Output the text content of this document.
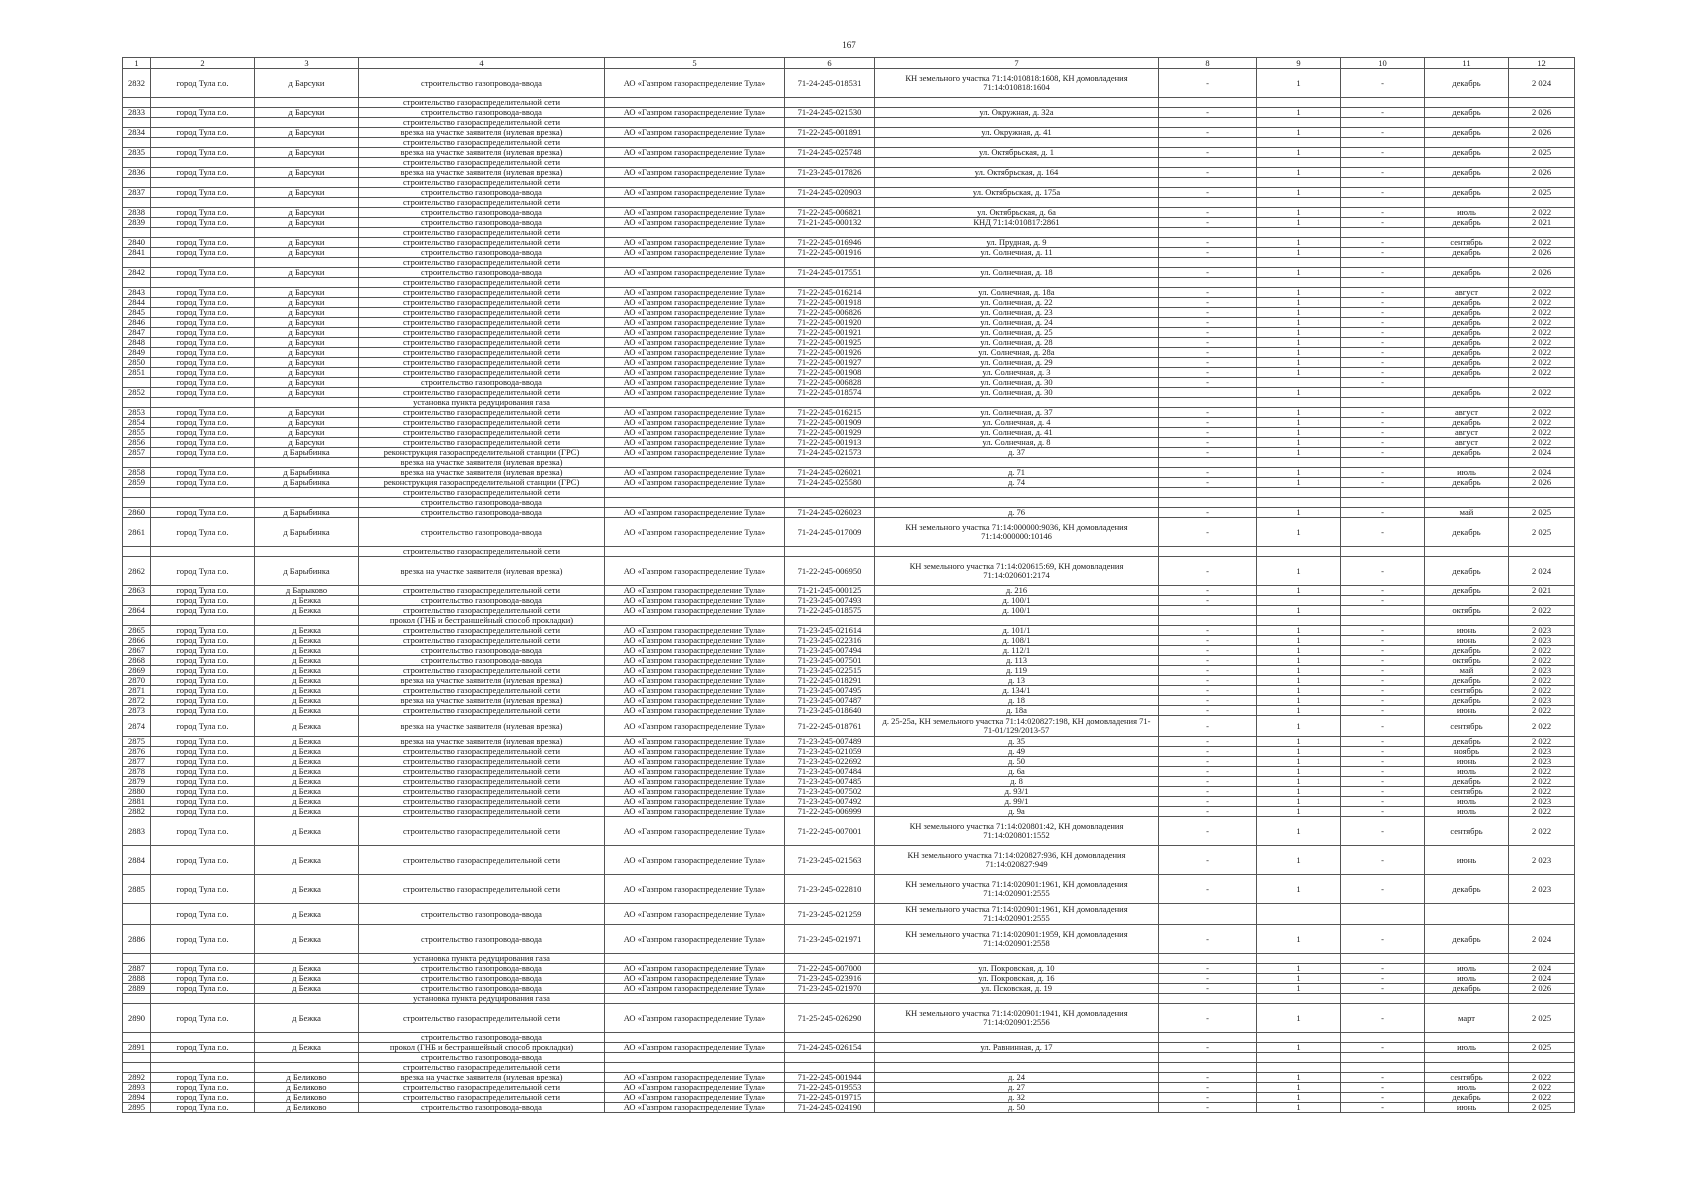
167
1	2	3	4	5	6	7	8	9	10	11	12
2832	город Тула г.о.	д Барсуки	строительство газопровода-ввода	АО «Газпром газораспределение Тула»	71-24-245-018531	КН земельного участка 71:14:010818:1608, КН домовладения 71:14:010818:1604	-	1	-	декабрь	2 024
			строительство газораспределительной сети								
2833	город Тула г.о.	д Барсуки	строительство газопровода-ввода	АО «Газпром газораспределение Тула»	71-24-245-021530	ул. Окружная, д. 32а	-	1	-	декабрь	2 026
			строительство газораспределительной сети								
2834	город Тула г.о.	д Барсуки	врезка на участке заявителя (нулевая врезка)	АО «Газпром газораспределение Тула»	71-22-245-001891	ул. Окружная, д. 41	-	1	-	декабрь	2 026
			строительство газораспределительной сети								
2835	город Тула г.о.	д Барсуки	врезка на участке заявителя (нулевая врезка)	АО «Газпром газораспределение Тула»	71-24-245-025748	ул. Октябрьская, д. 1	-	1	-	декабрь	2 025
			строительство газораспределительной сети								
2836	город Тула г.о.	д Барсуки	врезка на участке заявителя (нулевая врезка)	АО «Газпром газораспределение Тула»	71-23-245-017826	ул. Октябрьская, д. 164	-	1	-	декабрь	2 026
			строительство газораспределительной сети								
2837	город Тула г.о.	д Барсуки	строительство газопровода-ввода	АО «Газпром газораспределение Тула»	71-24-245-020903	ул. Октябрьская, д. 175а	-	1	-	декабрь	2 025
			строительство газораспределительной сети								
2838	город Тула г.о.	д Барсуки	строительство газопровода-ввода	АО «Газпром газораспределение Тула»	71-22-245-006821	ул. Октябрьская, д. 6а	-	1	-	июль	2 022
2839	город Тула г.о.	д Барсуки	строительство газопровода-ввода	АО «Газпром газораспределение Тула»	71-21-245-000132	КНД 71:14:010817:2861	-	1	-	декабрь	2 021
			строительство газораспределительной сети								
2840	город Тула г.о.	д Барсуки	строительство газораспределительной сети	АО «Газпром газораспределение Тула»	71-22-245-016946	ул. Прудная, д. 9	-	1	-	сентябрь	2 022
2841	город Тула г.о.	д Барсуки	строительство газопровода-ввода	АО «Газпром газораспределение Тула»	71-22-245-001916	ул. Солнечная, д. 11	-	1	-	декабрь	2 026
			строительство газораспределительной сети								
2842	город Тула г.о.	д Барсуки	строительство газопровода-ввода	АО «Газпром газораспределение Тула»	71-24-245-017551	ул. Солнечная, д. 18	-	1	-	декабрь	2 026
			строительство газораспределительной сети								
2843	город Тула г.о.	д Барсуки	строительство газораспределительной сети	АО «Газпром газораспределение Тула»	71-22-245-016214	ул. Солнечная, д. 18а	-	1	-	август	2 022
2844	город Тула г.о.	д Барсуки	строительство газораспределительной сети	АО «Газпром газораспределение Тула»	71-22-245-001918	ул. Солнечная, д. 22	-	1	-	декабрь	2 022
2845	город Тула г.о.	д Барсуки	строительство газораспределительной сети	АО «Газпром газораспределение Тула»	71-22-245-006826	ул. Солнечная, д. 23	-	1	-	декабрь	2 022
2846	город Тула г.о.	д Барсуки	строительство газораспределительной сети	АО «Газпром газораспределение Тула»	71-22-245-001920	ул. Солнечная, д. 24	-	1	-	декабрь	2 022
2847	город Тула г.о.	д Барсуки	строительство газораспределительной сети	АО «Газпром газораспределение Тула»	71-22-245-001921	ул. Солнечная, д. 25	-	1	-	декабрь	2 022
2848	город Тула г.о.	д Барсуки	строительство газораспределительной сети	АО «Газпром газораспределение Тула»	71-22-245-001925	ул. Солнечная, д. 28	-	1	-	декабрь	2 022
2849	город Тула г.о.	д Барсуки	строительство газораспределительной сети	АО «Газпром газораспределение Тула»	71-22-245-001926	ул. Солнечная, д. 28а	-	1	-	декабрь	2 022
2850	город Тула г.о.	д Барсуки	строительство газораспределительной сети	АО «Газпром газораспределение Тула»	71-22-245-001927	ул. Солнечная, д. 29	-	1	-	декабрь	2 022
2851	город Тула г.о.	д Барсуки	строительство газораспределительной сети	АО «Газпром газораспределение Тула»	71-22-245-001908	ул. Солнечная, д. 3	-	1	-	декабрь	2 022
	город Тула г.о.	д Барсуки	строительство газопровода-ввода	АО «Газпром газораспределение Тула»	71-22-245-006828	ул. Солнечная, д. 30	-		-		
2852	город Тула г.о.	д Барсуки	строительство газораспределительной сети	АО «Газпром газораспределение Тула»	71-22-245-018574	ул. Солнечная, д. 30		1		декабрь	2 022
			установка пункта редуцирования газа								
2853	город Тула г.о.	д Барсуки	строительство газораспределительной сети	АО «Газпром газораспределение Тула»	71-22-245-016215	ул. Солнечная, д. 37	-	1	-	август	2 022
2854	город Тула г.о.	д Барсуки	строительство газораспределительной сети	АО «Газпром газораспределение Тула»	71-22-245-001909	ул. Солнечная, д. 4	-	1	-	декабрь	2 022
2855	город Тула г.о.	д Барсуки	строительство газораспределительной сети	АО «Газпром газораспределение Тула»	71-22-245-001929	ул. Солнечная, д. 41	-	1	-	август	2 022
2856	город Тула г.о.	д Барсуки	строительство газораспределительной сети	АО «Газпром газораспределение Тула»	71-22-245-001913	ул. Солнечная, д. 8	-	1	-	август	2 022
2857	город Тула г.о.	д Барыбинка	реконструкция газораспределительной станции (ГРС)	АО «Газпром газораспределение Тула»	71-24-245-021573	д. 37	-	1	-	декабрь	2 024
			врезка на участке заявителя (нулевая врезка)								
2858	город Тула г.о.	д Барыбинка	врезка на участке заявителя (нулевая врезка)	АО «Газпром газораспределение Тула»	71-24-245-026021	д. 71	-	1	-	июль	2 024
2859	город Тула г.о.	д Барыбинка	реконструкция газораспределительной станции (ГРС)	АО «Газпром газораспределение Тула»	71-24-245-025580	д. 74	-	1	-	декабрь	2 026
			строительство газораспределительной сети								
			строительство газопровода-ввода								
2860	город Тула г.о.	д Барыбинка	строительство газопровода-ввода	АО «Газпром газораспределение Тула»	71-24-245-026023	д. 76	-	1	-	май	2 025
2861	город Тула г.о.	д Барыбинка	строительство газопровода-ввода	АО «Газпром газораспределение Тула»	71-24-245-017009	КН земельного участка 71:14:000000:9036, КН домовладения 71:14:000000:10146	-	1	-	декабрь	2 025
			строительство газораспределительной сети								
2862	город Тула г.о.	д Барыбинка	врезка на участке заявителя (нулевая врезка)	АО «Газпром газораспределение Тула»	71-22-245-006950	КН земельного участка 71:14:020615:69, КН домовладения 71:14:020601:2174	-	1	-	декабрь	2 024
2863	город Тула г.о.	д Барыково	строительство газораспределительной сети	АО «Газпром газораспределение Тула»	71-21-245-000125	д. 216	-	1	-	декабрь	2 021
	город Тула г.о.	д Бежка	строительство газопровода-ввода	АО «Газпром газораспределение Тула»	71-23-245-007493	д. 100/1	-		-		
2864	город Тула г.о.	д Бежка	строительство газораспределительной сети	АО «Газпром газораспределение Тула»	71-22-245-018575	д. 100/1		1		октябрь	2 022
			прокол (ГНБ и бестраншейный способ прокладки)								
2865	город Тула г.о.	д Бежка	строительство газораспределительной сети	АО «Газпром газораспределение Тула»	71-23-245-021614	д. 101/1	-	1	-	июнь	2 023
2866	город Тула г.о.	д Бежка	строительство газораспределительной сети	АО «Газпром газораспределение Тула»	71-23-245-022316	д. 108/1	-	1	-	июнь	2 023
2867	город Тула г.о.	д Бежка	строительство газопровода-ввода	АО «Газпром газораспределение Тула»	71-23-245-007494	д. 112/1	-	1	-	декабрь	2 022
2868	город Тула г.о.	д Бежка	строительство газопровода-ввода	АО «Газпром газораспределение Тула»	71-23-245-007501	д. 113	-	1	-	октябрь	2 022
2869	город Тула г.о.	д Бежка	строительство газораспределительной сети	АО «Газпром газораспределение Тула»	71-23-245-022515	д. 119	-	1	-	май	2 023
2870	город Тула г.о.	д Бежка	врезка на участке заявителя (нулевая врезка)	АО «Газпром газораспределение Тула»	71-22-245-018291	д. 13	-	1	-	декабрь	2 022
2871	город Тула г.о.	д Бежка	строительство газораспределительной сети	АО «Газпром газораспределение Тула»	71-23-245-007495	д. 134/1	-	1	-	сентябрь	2 022
2872	город Тула г.о.	д Бежка	врезка на участке заявителя (нулевая врезка)	АО «Газпром газораспределение Тула»	71-23-245-007487	д. 18	-	1	-	декабрь	2 023
2873	город Тула г.о.	д Бежка	строительство газораспределительной сети	АО «Газпром газораспределение Тула»	71-23-245-018640	д. 18а	-	1	-	июнь	2 022
2874	город Тула г.о.	д Бежка	врезка на участке заявителя (нулевая врезка)	АО «Газпром газораспределение Тула»	71-22-245-018761	д. 25-25а, КН земельного участка 71:14:020827:198, КН домовладения 71-71-01/129/2013-57	-	1	-	сентябрь	2 022
2875	город Тула г.о.	д Бежка	врезка на участке заявителя (нулевая врезка)	АО «Газпром газораспределение Тула»	71-23-245-007489	д. 35	-	1	-	декабрь	2 022
2876	город Тула г.о.	д Бежка	строительство газораспределительной сети	АО «Газпром газораспределение Тула»	71-23-245-021059	д. 49	-	1	-	ноябрь	2 023
2877	город Тула г.о.	д Бежка	строительство газораспределительной сети	АО «Газпром газораспределение Тула»	71-23-245-022692	д. 50	-	1	-	июнь	2 023
2878	город Тула г.о.	д Бежка	строительство газораспределительной сети	АО «Газпром газораспределение Тула»	71-23-245-007484	д. 6а	-	1	-	июль	2 022
2879	город Тула г.о.	д Бежка	строительство газораспределительной сети	АО «Газпром газораспределение Тула»	71-23-245-007485	д. 8	-	1	-	декабрь	2 022
2880	город Тула г.о.	д Бежка	строительство газораспределительной сети	АО «Газпром газораспределение Тула»	71-23-245-007502	д. 93/1	-	1	-	сентябрь	2 022
2881	город Тула г.о.	д Бежка	строительство газораспределительной сети	АО «Газпром газораспределение Тула»	71-23-245-007492	д. 99/1	-	1	-	июль	2 023
2882	город Тула г.о.	д Бежка	строительство газораспределительной сети	АО «Газпром газораспределение Тула»	71-22-245-006999	д. 9а	-	1	-	июль	2 022
2883	город Тула г.о.	д Бежка	строительство газораспределительной сети	АО «Газпром газораспределение Тула»	71-22-245-007001	КН земельного участка 71:14:020801:42, КН домовладения 71:14:020801:1552	-	1	-	сентябрь	2 022
2884	город Тула г.о.	д Бежка	строительство газораспределительной сети	АО «Газпром газораспределение Тула»	71-23-245-021563	КН земельного участка 71:14:020827:936, КН домовладения 71:14:020827:949	-	1	-	июнь	2 023
2885	город Тула г.о.	д Бежка	строительство газораспределительной сети	АО «Газпром газораспределение Тула»	71-23-245-022810	КН земельного участка 71:14:020901:1961, КН домовладения 71:14:020901:2555	-	1	-	декабрь	2 023
	город Тула г.о.	д Бежка	строительство газопровода-ввода	АО «Газпром газораспределение Тула»	71-23-245-021259	КН земельного участка 71:14:020901:1961, КН домовладения 71:14:020901:2555					
2886	город Тула г.о.	д Бежка	строительство газопровода-ввода	АО «Газпром газораспределение Тула»	71-23-245-021971	КН земельного участка 71:14:020901:1959, КН домовладения 71:14:020901:2558	-	1	-	декабрь	2 024
			установка пункта редуцирования газа								
2887	город Тула г.о.	д Бежка	строительство газопровода-ввода	АО «Газпром газораспределение Тула»	71-22-245-007000	ул. Покровская, д. 10	-	1	-	июль	2 024
2888	город Тула г.о.	д Бежка	строительство газопровода-ввода	АО «Газпром газораспределение Тула»	71-23-245-023916	ул. Покровская, д. 16	-	1	-	июль	2 024
2889	город Тула г.о.	д Бежка	строительство газопровода-ввода	АО «Газпром газораспределение Тула»	71-23-245-021970	ул. Псковская, д. 19	-	1	-	декабрь	2 026
			установка пункта редуцирования газа								
2890	город Тула г.о.	д Бежка	строительство газораспределительной сети	АО «Газпром газораспределение Тула»	71-25-245-026290	КН земельного участка 71:14:020901:1941, КН домовладения 71:14:020901:2556	-	1	-	март	2 025
			строительство газопровода-ввода								
2891	город Тула г.о.	д Бежка	прокол (ГНБ и бестраншейный способ прокладки)	АО «Газпром газораспределение Тула»	71-24-245-026154	ул. Равнинная, д. 17	-	1	-	июль	2 025
			строительство газопровода-ввода								
			строительство газораспределительной сети								
2892	город Тула г.о.	д Беликово	врезка на участке заявителя (нулевая врезка)	АО «Газпром газораспределение Тула»	71-22-245-001944	д. 24	-	1	-	сентябрь	2 022
2893	город Тула г.о.	д Беликово	строительство газораспределительной сети	АО «Газпром газораспределение Тула»	71-22-245-019553	д. 27	-	1	-	июль	2 022
2894	город Тула г.о.	д Беликово	строительство газораспределительной сети	АО «Газпром газораспределение Тула»	71-22-245-019715	д. 32	-	1	-	декабрь	2 022
2895	город Тула г.о.	д Беликово	строительство газопровода-ввода	АО «Газпром газораспределение Тула»	71-24-245-024190	д. 50	-	1	-	июнь	2 025
